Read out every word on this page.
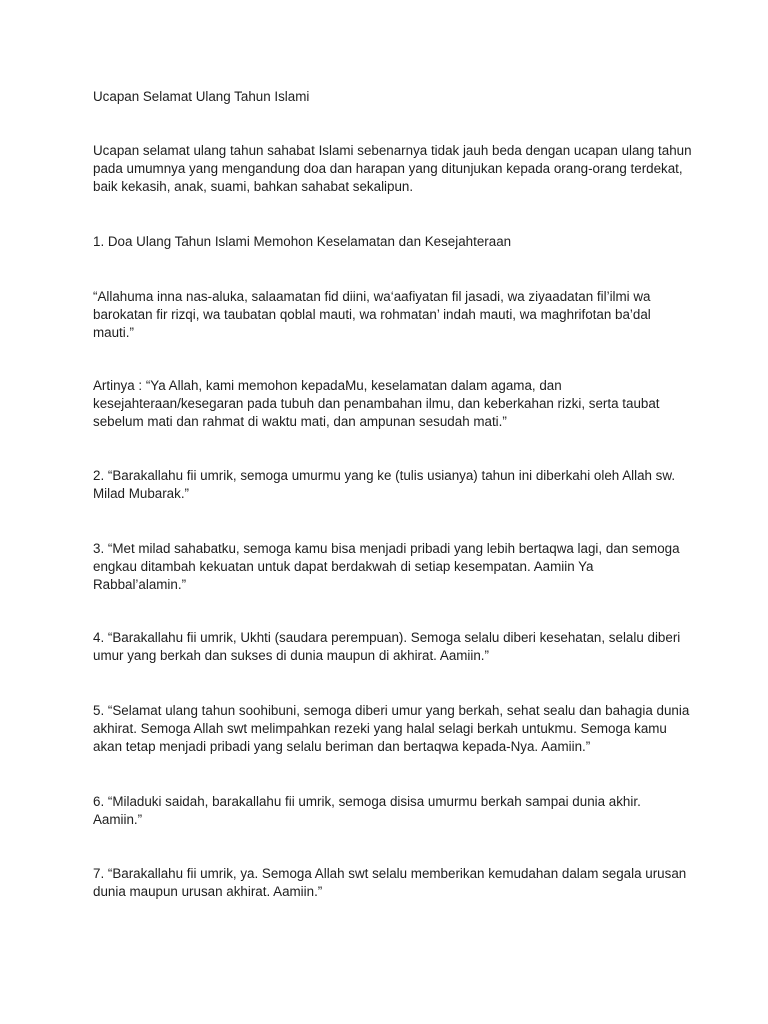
Ucapan Selamat Ulang Tahun Islami

Ucapan selamat ulang tahun sahabat Islami sebenarnya tidak jauh beda dengan ucapan ulang tahun

pada umumnya yang mengandung doa dan harapan yang ditunjukan kepada orang-orang terdekat,

baik kekasih, anak, suami, bahkan sahabat sekalipun.

1. Doa Ulang Tahun Islami Memohon Keselamatan dan Kesejahteraan

“Allahuma inna nas-aluka, salaamatan fid diini, wa‘aafiyatan fil jasadi, wa ziyaadatan fil’ilmi wa

barokatan fir rizqi, wa taubatan qoblal mauti, wa rohmatan’ indah mauti, wa maghrifotan ba’dal

mauti.”

Artinya : “Ya Allah, kami memohon kepadaMu, keselamatan dalam agama, dan

kesejahteraan/kesegaran pada tubuh dan penambahan ilmu, dan keberkahan rizki, serta taubat

sebelum mati dan rahmat di waktu mati, dan ampunan sesudah mati.”

2. “Barakallahu fii umrik, semoga umurmu yang ke (tulis usianya) tahun ini diberkahi oleh Allah sw.

Milad Mubarak.”

3. “Met milad sahabatku, semoga kamu bisa menjadi pribadi yang lebih bertaqwa lagi, dan semoga

engkau ditambah kekuatan untuk dapat berdakwah di setiap kesempatan. Aamiin Ya

Rabbal’alamin.”

4. “Barakallahu fii umrik, Ukhti (saudara perempuan). Semoga selalu diberi kesehatan, selalu diberi

umur yang berkah dan sukses di dunia maupun di akhirat. Aamiin.”

5. “Selamat ulang tahun soohibuni, semoga diberi umur yang berkah, sehat sealu dan bahagia dunia

akhirat. Semoga Allah swt melimpahkan rezeki yang halal selagi berkah untukmu. Semoga kamu

akan tetap menjadi pribadi yang selalu beriman dan bertaqwa kepada-Nya. Aamiin.”

6. “Miladuki saidah, barakallahu fii umrik, semoga disisa umurmu berkah sampai dunia akhir.

Aamiin.”

7. “Barakallahu fii umrik, ya. Semoga Allah swt selalu memberikan kemudahan dalam segala urusan

dunia maupun urusan akhirat. Aamiin.”
